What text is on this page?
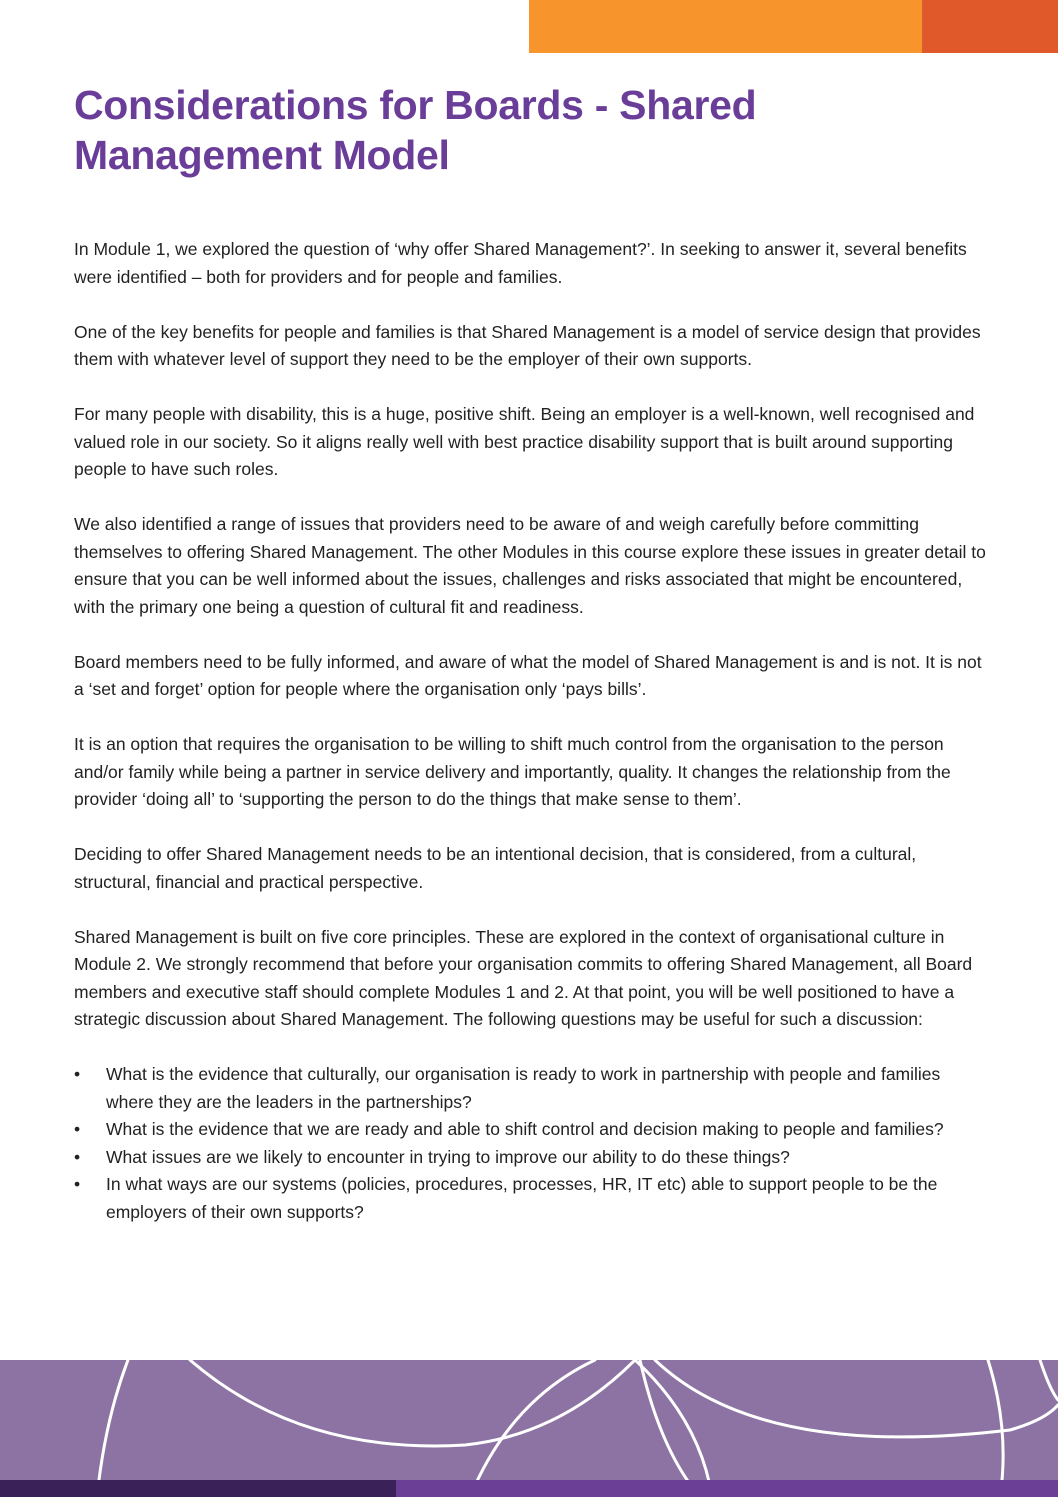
Considerations for Boards - Shared Management Model

In Module 1, we explored the question of ‘why offer Shared Management?’. In seeking to answer it, several benefits were identified – both for providers and for people and families.

One of the key benefits for people and families is that Shared Management is a model of service design that provides them with whatever level of support they need to be the employer of their own supports.

For many people with disability, this is a huge, positive shift. Being an employer is a well-known, well recognised and valued role in our society. So it aligns really well with best practice disability support that is built around supporting people to have such roles.

We also identified a range of issues that providers need to be aware of and weigh carefully before committing themselves to offering Shared Management. The other Modules in this course explore these issues in greater detail to ensure that you can be well informed about the issues, challenges and risks associated that might be encountered, with the primary one being a question of cultural fit and readiness.

Board members need to be fully informed, and aware of what the model of Shared Management is and is not. It is not a ‘set and forget’ option for people where the organisation only ‘pays bills’.

It is an option that requires the organisation to be willing to shift much control from the organisation to the person and/or family while being a partner in service delivery and importantly, quality. It changes the relationship from the provider ‘doing all’ to ‘supporting the person to do the things that make sense to them’.

Deciding to offer Shared Management needs to be an intentional decision, that is considered, from a cultural, structural, financial and practical perspective.

Shared Management is built on five core principles. These are explored in the context of organisational culture in Module 2. We strongly recommend that before your organisation commits to offering Shared Management, all Board members and executive staff should complete Modules 1 and 2. At that point, you will be well positioned to have a strategic discussion about Shared Management. The following questions may be useful for such a discussion:

• What is the evidence that culturally, our organisation is ready to work in partnership with people and families where they are the leaders in the partnerships?
• What is the evidence that we are ready and able to shift control and decision making to people and families?
• What issues are we likely to encounter in trying to improve our ability to do these things?
• In what ways are our systems (policies, procedures, processes, HR, IT etc) able to support people to be the employers of their own supports?
